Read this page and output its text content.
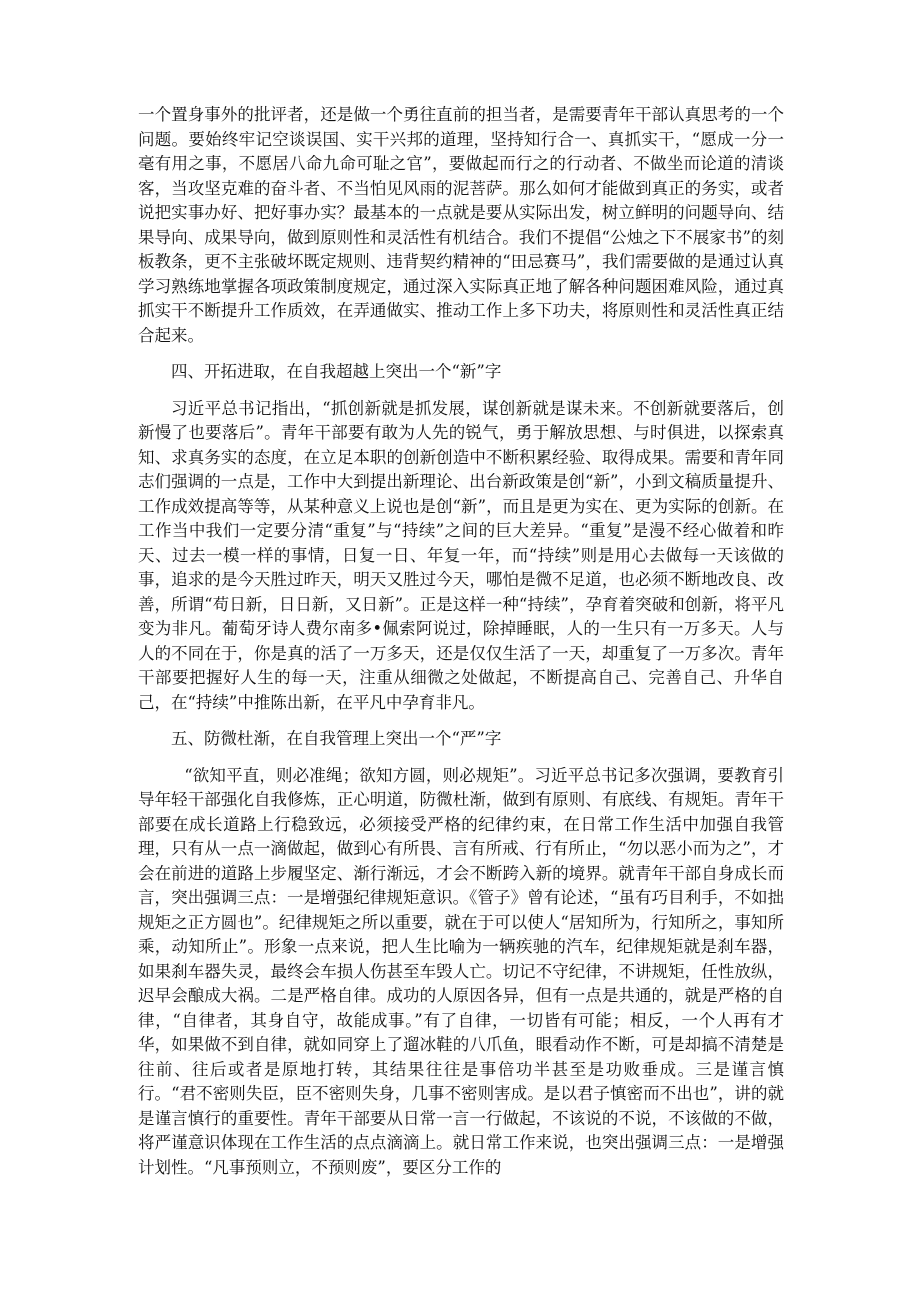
一个置身事外的批评者，还是做一个勇往直前的担当者，是需要青年干部认真思考的一个问题。要始终牢记空谈误国、实干兴邦的道理，坚持知行合一、真抓实干，“愿成一分一毫有用之事，不愿居八命九命可耻之官”，要做起而行之的行动者、不做坐而论道的清谈客，当攻坚克难的奋斗者、不当怕见风雨的泥菩萨。那么如何才能做到真正的务实，或者说把实事办好、把好事办实？最基本的一点就是要从实际出发，树立鲜明的问题导向、结果导向、成果导向，做到原则性和灵活性有机结合。我们不提倡“公烛之下不展家书”的刻板教条，更不主张破坏既定规则、违背契约精神的“田忌赛马”，我们需要做的是通过认真学习熟练地掌握各项政策制度规定，通过深入实际真正地了解各种问题困难风险，通过真抓实干不断提升工作质效，在弄通做实、推动工作上多下功夫，将原则性和灵活性真正结合起来。

四、开拓进取，在自我超越上突出一个“新”字

习近平总书记指出，“抓创新就是抓发展，谋创新就是谋未来。不创新就要落后，创新慢了也要落后”。青年干部要有敢为人先的锐气，勇于解放思想、与时俱进，以探索真知、求真务实的态度，在立足本职的创新创造中不断积累经验、取得成果。需要和青年同志们强调的一点是，工作中大到提出新理论、出台新政策是创“新”，小到文稿质量提升、工作成效提高等等，从某种意义上说也是创“新”，而且是更为实在、更为实际的创新。在工作当中我们一定要分清“重复”与“持续”之间的巨大差异。“重复”是漫不经心做着和昨天、过去一模一样的事情，日复一日、年复一年，而“持续”则是用心去做每一天该做的事，追求的是今天胜过昨天，明天又胜过今天，哪怕是微不足道，也必须不断地改良、改善，所谓“苟日新，日日新，又日新”。正是这样一种“持续”，孕育着突破和创新，将平凡变为非凡。葡萄牙诗人费尔南多•佩索阿说过，除掉睡眠，人的一生只有一万多天。人与人的不同在于，你是真的活了一万多天，还是仅仅生活了一天，却重复了一万多次。青年干部要把握好人生的每一天，注重从细微之处做起，不断提高自己、完善自己、升华自己，在“持续”中推陈出新，在平凡中孕育非凡。

五、防微杜渐，在自我管理上突出一个“严”字

“欲知平直，则必准绳；欲知方圆，则必规矩”。习近平总书记多次强调，要教育引导年轻干部强化自我修炼，正心明道，防微杜渐，做到有原则、有底线、有规矩。青年干部要在成长道路上行稳致远，必须接受严格的纪律约束，在日常工作生活中加强自我管理，只有从一点一滴做起，做到心有所畏、言有所戒、行有所止，“勿以恶小而为之”，才会在前进的道路上步履坚定、渐行渐远，才会不断跨入新的境界。就青年干部自身成长而言，突出强调三点：一是增强纪律规矩意识。《管子》曾有论述，“虽有巧目利手，不如拙规矩之正方圆也”。纪律规矩之所以重要，就在于可以使人“居知所为，行知所之，事知所乘，动知所止”。形象一点来说，把人生比喻为一辆疾驰的汽车，纪律规矩就是刹车器，如果刹车器失灵，最终会车损人伤甚至车毁人亡。切记不守纪律，不讲规矩，任性放纵，迟早会酿成大祸。二是严格自律。成功的人原因各异，但有一点是共通的，就是严格的自律，“自律者，其身自守，故能成事。”有了自律，一切皆有可能；相反，一个人再有才华，如果做不到自律，就如同穿上了遛冰鞋的八爪鱼，眼看动作不断，可是却搞不清楚是往前、往后或者是原地打转，其结果往往是事倍功半甚至是功败垂成。三是谨言慎行。“君不密则失臣，臣不密则失身，几事不密则害成。是以君子慎密而不出也”，讲的就是谨言慎行的重要性。青年干部要从日常一言一行做起，不该说的不说，不该做的不做，将严谨意识体现在工作生活的点点滴滴上。就日常工作来说，也突出强调三点：一是增强计划性。“凡事预则立，不预则废”，要区分工作的
